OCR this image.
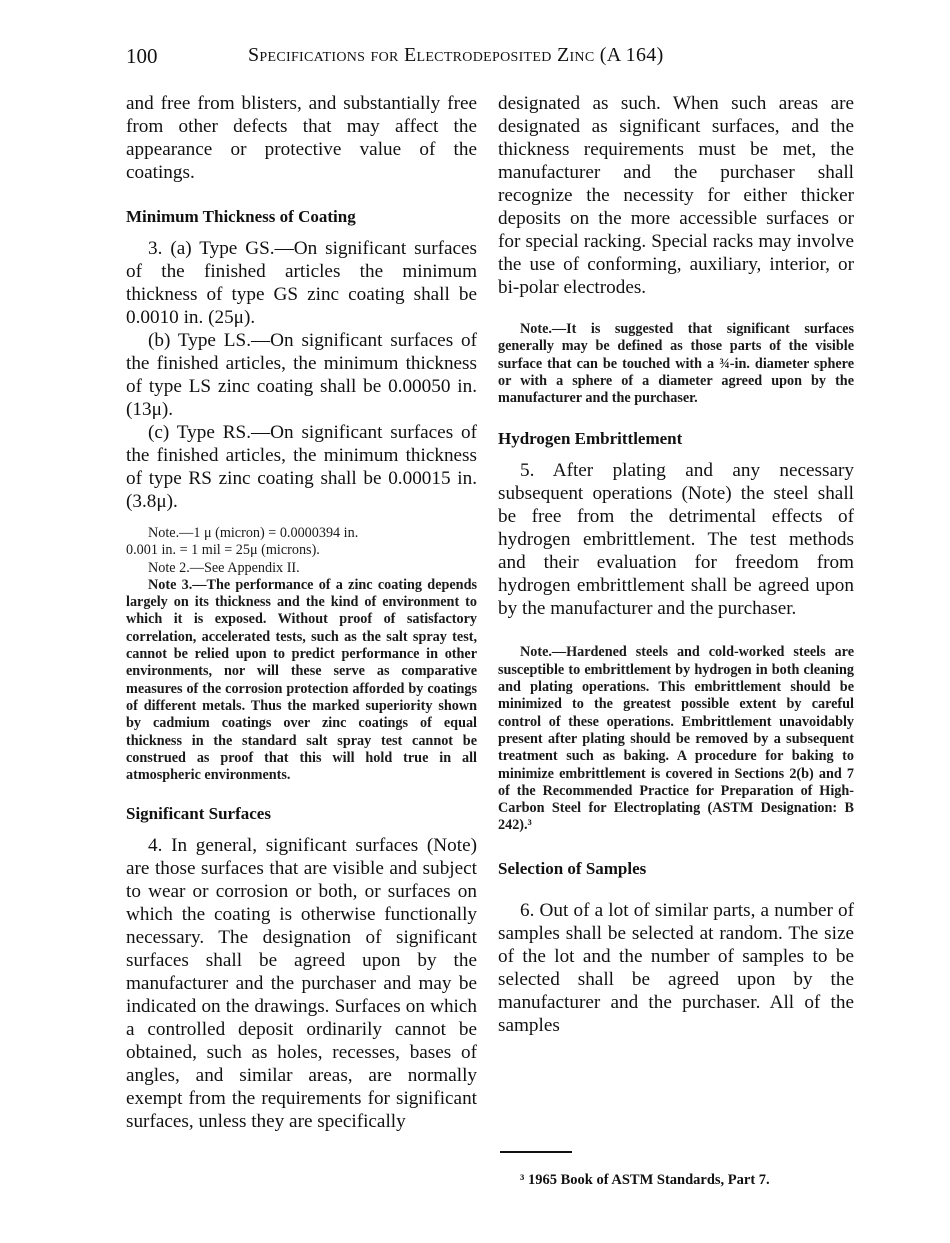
100	Specifications for Electrodeposited Zinc (A 164)

and free from blisters, and substantially free from other defects that may affect the appearance or protective value of the coatings.

Minimum Thickness of Coating

3. (a) Type GS.—On significant surfaces of the finished articles the minimum thickness of type GS zinc coating shall be 0.0010 in. (25μ).

(b) Type LS.—On significant surfaces of the finished articles, the minimum thickness of type LS zinc coating shall be 0.00050 in. (13μ).

(c) Type RS.—On significant surfaces of the finished articles, the minimum thickness of type RS zinc coating shall be 0.00015 in. (3.8μ).

Note.—1 μ (micron) = 0.0000394 in.

0.001 in. = 1 mil = 25μ (microns).

Note 2.—See Appendix II.

Note 3.—The performance of a zinc coating depends largely on its thickness and the kind of environment to which it is exposed. Without proof of satisfactory correlation, accelerated tests, such as the salt spray test, cannot be relied upon to predict performance in other environments, nor will these serve as comparative measures of the corrosion protection afforded by coatings of different metals. Thus the marked superiority shown by cadmium coatings over zinc coatings of equal thickness in the standard salt spray test cannot be construed as proof that this will hold true in all atmospheric environments.

Significant Surfaces

4. In general, significant surfaces (Note) are those surfaces that are visible and subject to wear or corrosion or both, or surfaces on which the coating is otherwise functionally necessary. The designation of significant surfaces shall be agreed upon by the manufacturer and the purchaser and may be indicated on the drawings. Surfaces on which a controlled deposit ordinarily cannot be obtained, such as holes, recesses, bases of angles, and similar areas, are normally exempt from the requirements for significant surfaces, unless they are specifically

designated as such. When such areas are designated as significant surfaces, and the thickness requirements must be met, the manufacturer and the purchaser shall recognize the necessity for either thicker deposits on the more accessible surfaces or for special racking. Special racks may involve the use of conforming, auxiliary, interior, or bi-polar electrodes.

Note.—It is suggested that significant surfaces generally may be defined as those parts of the visible surface that can be touched with a ¾-in. diameter sphere or with a sphere of a diameter agreed upon by the manufacturer and the purchaser.

Hydrogen Embrittlement

5. After plating and any necessary subsequent operations (Note) the steel shall be free from the detrimental effects of hydrogen embrittlement. The test methods and their evaluation for freedom from hydrogen embrittlement shall be agreed upon by the manufacturer and the purchaser.

Note.—Hardened steels and cold-worked steels are susceptible to embrittlement by hydrogen in both cleaning and plating operations. This embrittlement should be minimized to the greatest possible extent by careful control of these operations. Embrittlement unavoidably present after plating should be removed by a subsequent treatment such as baking. A procedure for baking to minimize embrittlement is covered in Sections 2(b) and 7 of the Recommended Practice for Preparation of High-Carbon Steel for Electroplating (ASTM Designation: B 242).³

Selection of Samples

6. Out of a lot of similar parts, a number of samples shall be selected at random. The size of the lot and the number of samples to be selected shall be agreed upon by the manufacturer and the purchaser. All of the samples

³ 1965 Book of ASTM Standards, Part 7.
